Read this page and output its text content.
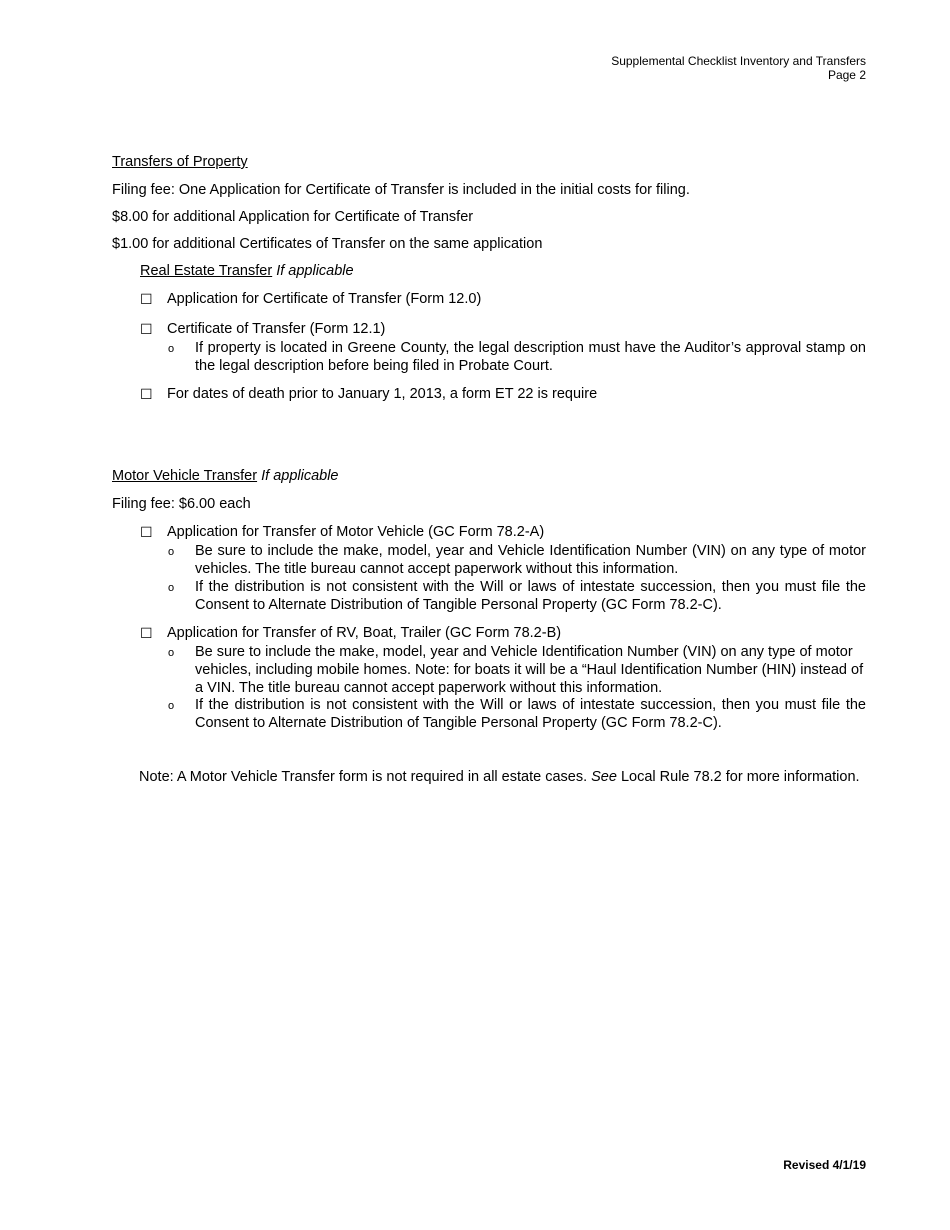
Supplemental Checklist Inventory and Transfers
Page 2
Transfers of Property
Filing fee: One Application for Certificate of Transfer is included in the initial costs for filing.
$8.00 for additional Application for Certificate of Transfer
$1.00 for additional Certificates of Transfer on the same application
Real Estate Transfer If applicable
☐ Application for Certificate of Transfer (Form 12.0)
☐ Certificate of Transfer (Form 12.1)
o If property is located in Greene County, the legal description must have the Auditor’s approval stamp on the legal description before being filed in Probate Court.
☐ For dates of death prior to January 1, 2013, a form ET 22 is require
Motor Vehicle Transfer If applicable
Filing fee: $6.00 each
☐ Application for Transfer of Motor Vehicle (GC Form 78.2-A)
o Be sure to include the make, model, year and Vehicle Identification Number (VIN) on any type of motor vehicles. The title bureau cannot accept paperwork without this information.
o If the distribution is not consistent with the Will or laws of intestate succession, then you must file the Consent to Alternate Distribution of Tangible Personal Property (GC Form 78.2-C).
☐ Application for Transfer of RV, Boat, Trailer (GC Form 78.2-B)
o Be sure to include the make, model, year and Vehicle Identification Number (VIN) on any type of motor vehicles, including mobile homes. Note: for boats it will be a “Haul Identification Number (HIN) instead of a VIN. The title bureau cannot accept paperwork without this information.
o If the distribution is not consistent with the Will or laws of intestate succession, then you must file the Consent to Alternate Distribution of Tangible Personal Property (GC Form 78.2-C).
Note: A Motor Vehicle Transfer form is not required in all estate cases. See Local Rule 78.2 for more information.
Revised 4/1/19
